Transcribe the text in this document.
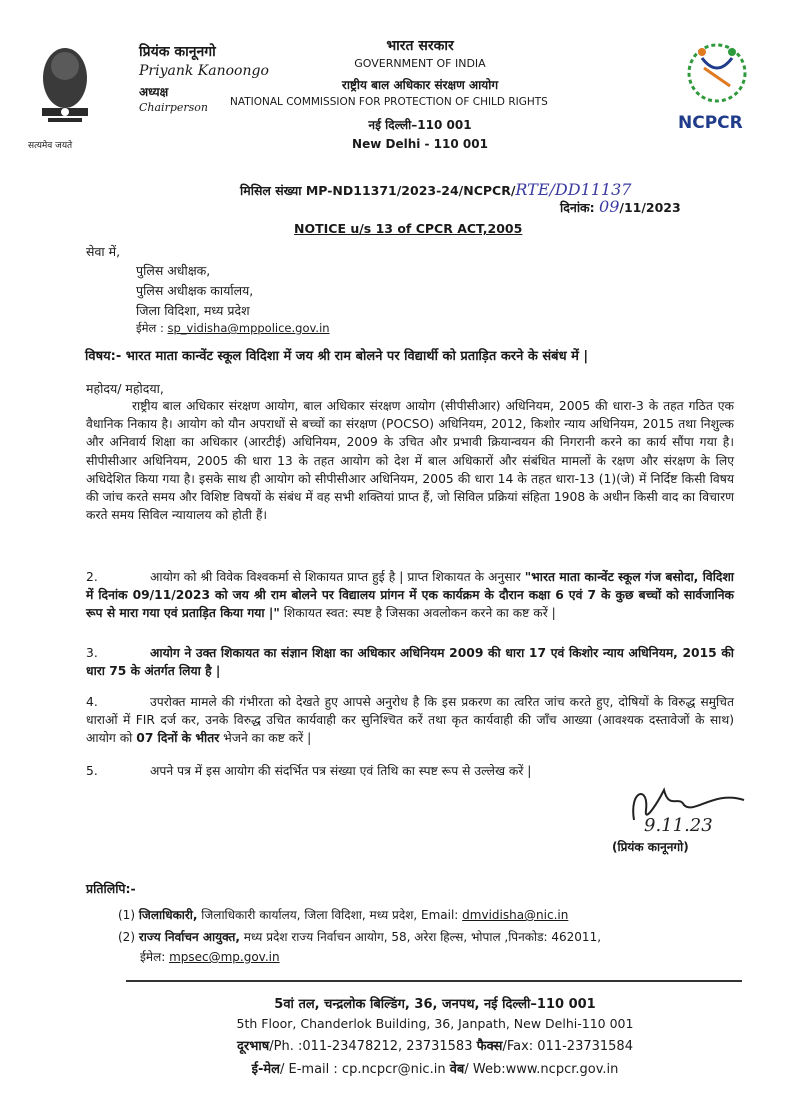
सत्यमेव जयते
प्रियंक कानूनगो
Priyank Kanoongo
अध्यक्ष
Chairperson
भारत सरकार
GOVERNMENT OF INDIA
राष्ट्रीय बाल अधिकार संरक्षण आयोग
NATIONAL COMMISSION FOR PROTECTION OF CHILD RIGHTS
नई दिल्ली–110 001
New Delhi - 110 001
NCPCR
मिसिल संख्या MP-ND11371/2023-24/NCPCR/RTE/DD11137
दिनांक: 09/11/2023
NOTICE u/s 13 of CPCR ACT,2005
सेवा में,
पुलिस अधीक्षक,
पुलिस अधीक्षक कार्यालय,
जिला विदिशा, मध्य प्रदेश
ईमेल : sp_vidisha@mppolice.gov.in
विषय:- भारत माता कान्वेंट स्कूल विदिशा में जय श्री राम बोलने पर विद्यार्थी को प्रताड़ित करने के संबंध में |
महोदय/ महोदया,
राष्ट्रीय बाल अधिकार संरक्षण आयोग, बाल अधिकार संरक्षण आयोग (सीपीसीआर) अधिनियम, 2005 की धारा-3 के तहत गठित एक वैधानिक निकाय है। आयोग को यौन अपराधों से बच्चों का संरक्षण (POCSO) अधिनियम, 2012, किशोर न्याय अधिनियम, 2015 तथा निशुल्क और अनिवार्य शिक्षा का अधिकार (आरटीई) अधिनियम, 2009 के उचित और प्रभावी क्रियान्वयन की निगरानी करने का कार्य सौंपा गया है। सीपीसीआर अधिनियम, 2005 की धारा 13 के तहत आयोग को देश में बाल अधिकारों और संबंधित मामलों के रक्षण और संरक्षण के लिए अधिदेशित किया गया है। इसके साथ ही आयोग को सीपीसीआर अधिनियम, 2005 की धारा 14 के तहत धारा-13 (1)(जे) में निर्दिष्ट किसी विषय की जांच करते समय और विशिष्ट विषयों के संबंध में वह सभी शक्तियां प्राप्त हैं, जो सिविल प्रक्रियां संहिता 1908 के अधीन किसी वाद का विचारण करते समय सिविल न्यायालय को होती हैं।
2.	आयोग को श्री विवेक विश्वकर्मा से शिकायत प्राप्त हुई है | प्राप्त शिकायत के अनुसार "भारत माता कान्वेंट स्कूल गंज बसोदा, विदिशा में दिनांक 09/11/2023 को जय श्री राम बोलने पर विद्यालय प्रांगन में एक कार्यक्रम के दौरान कक्षा 6 एवं 7 के कुछ बच्चों को सार्वजानिक रूप से मारा गया एवं प्रताड़ित किया गया |" शिकायत स्वत: स्पष्ट है जिसका अवलोकन करने का कष्ट करें |
3.	आयोग ने उक्त शिकायत का संज्ञान शिक्षा का अधिकार अधिनियम 2009 की धारा 17 एवं किशोर न्याय अधिनियम, 2015 की धारा 75 के अंतर्गत लिया है |
4.	उपरोक्त मामले की गंभीरता को देखते हुए आपसे अनुरोध है कि इस प्रकरण का त्वरित जांच करते हुए, दोषियों के विरुद्ध समुचित धाराओं में FIR दर्ज कर, उनके विरुद्ध उचित कार्यवाही कर सुनिश्चित करें तथा कृत कार्यवाही की जाँच आख्या (आवश्यक दस्तावेजों के साथ) आयोग को 07 दिनों के भीतर भेजने का कष्ट करें |
5.	अपने पत्र में इस आयोग की संदर्भित पत्र संख्या एवं तिथि का स्पष्ट रूप से उल्लेख करें |
9.11.23
(प्रियंक कानूनगो)
प्रतिलिपि:-
(1) जिलाधिकारी, जिलाधिकारी कार्यालय, जिला विदिशा, मध्य प्रदेश, Email: dmvidisha@nic.in
(2) राज्य निर्वाचन आयुक्त, मध्य प्रदेश राज्य निर्वाचन आयोग, 58, अरेरा हिल्स, भोपाल ,पिनकोड: 462011,
ईमेल: mpsec@mp.gov.in
5वां तल, चन्द्रलोक बिल्डिंग, 36, जनपथ, नई दिल्ली–110 001
5th Floor, Chanderlok Building, 36, Janpath, New Delhi-110 001
दूरभाष/Ph. :011-23478212, 23731583 फैक्स/Fax: 011-23731584
ई-मेल/ E-mail : cp.ncpcr@nic.in वेब/ Web:www.ncpcr.gov.in
